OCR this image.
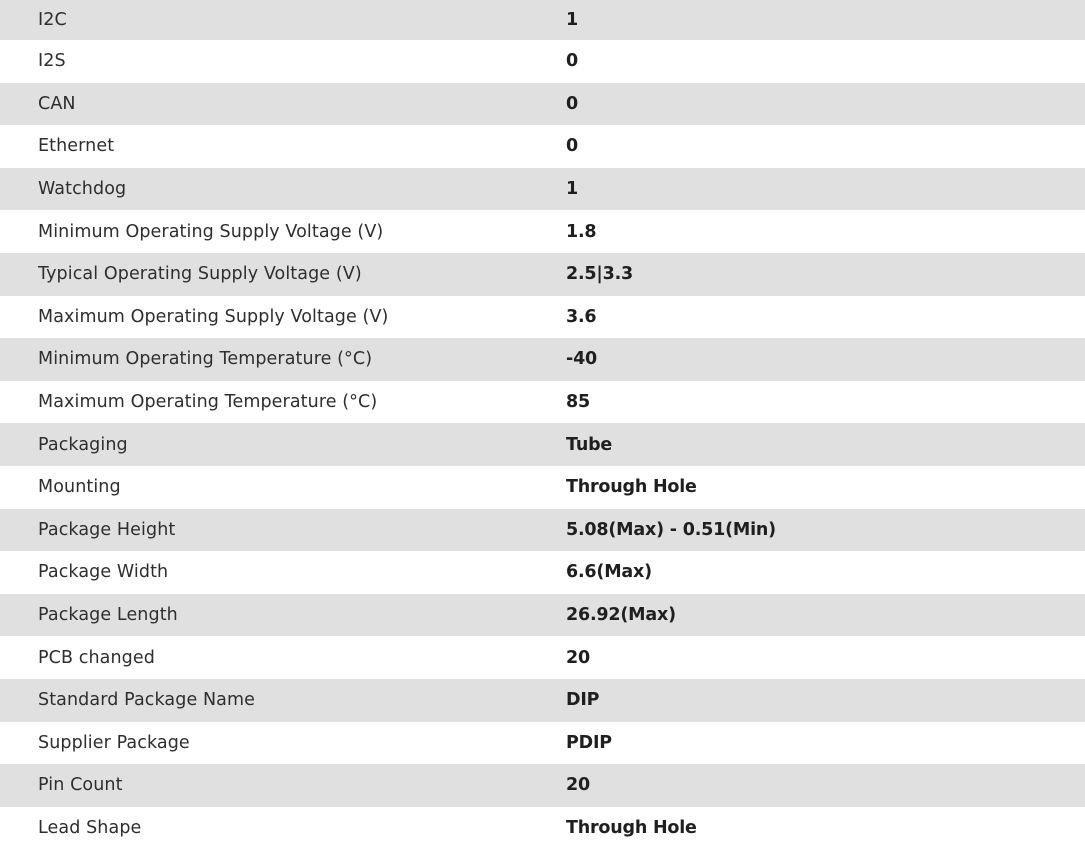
I2C	1
I2S	0
CAN	0
Ethernet	0
Watchdog	1
Minimum Operating Supply Voltage (V)	1.8
Typical Operating Supply Voltage (V)	2.5|3.3
Maximum Operating Supply Voltage (V)	3.6
Minimum Operating Temperature (°C)	-40
Maximum Operating Temperature (°C)	85
Packaging	Tube
Mounting	Through Hole
Package Height	5.08(Max) - 0.51(Min)
Package Width	6.6(Max)
Package Length	26.92(Max)
PCB changed	20
Standard Package Name	DIP
Supplier Package	PDIP
Pin Count	20
Lead Shape	Through Hole
